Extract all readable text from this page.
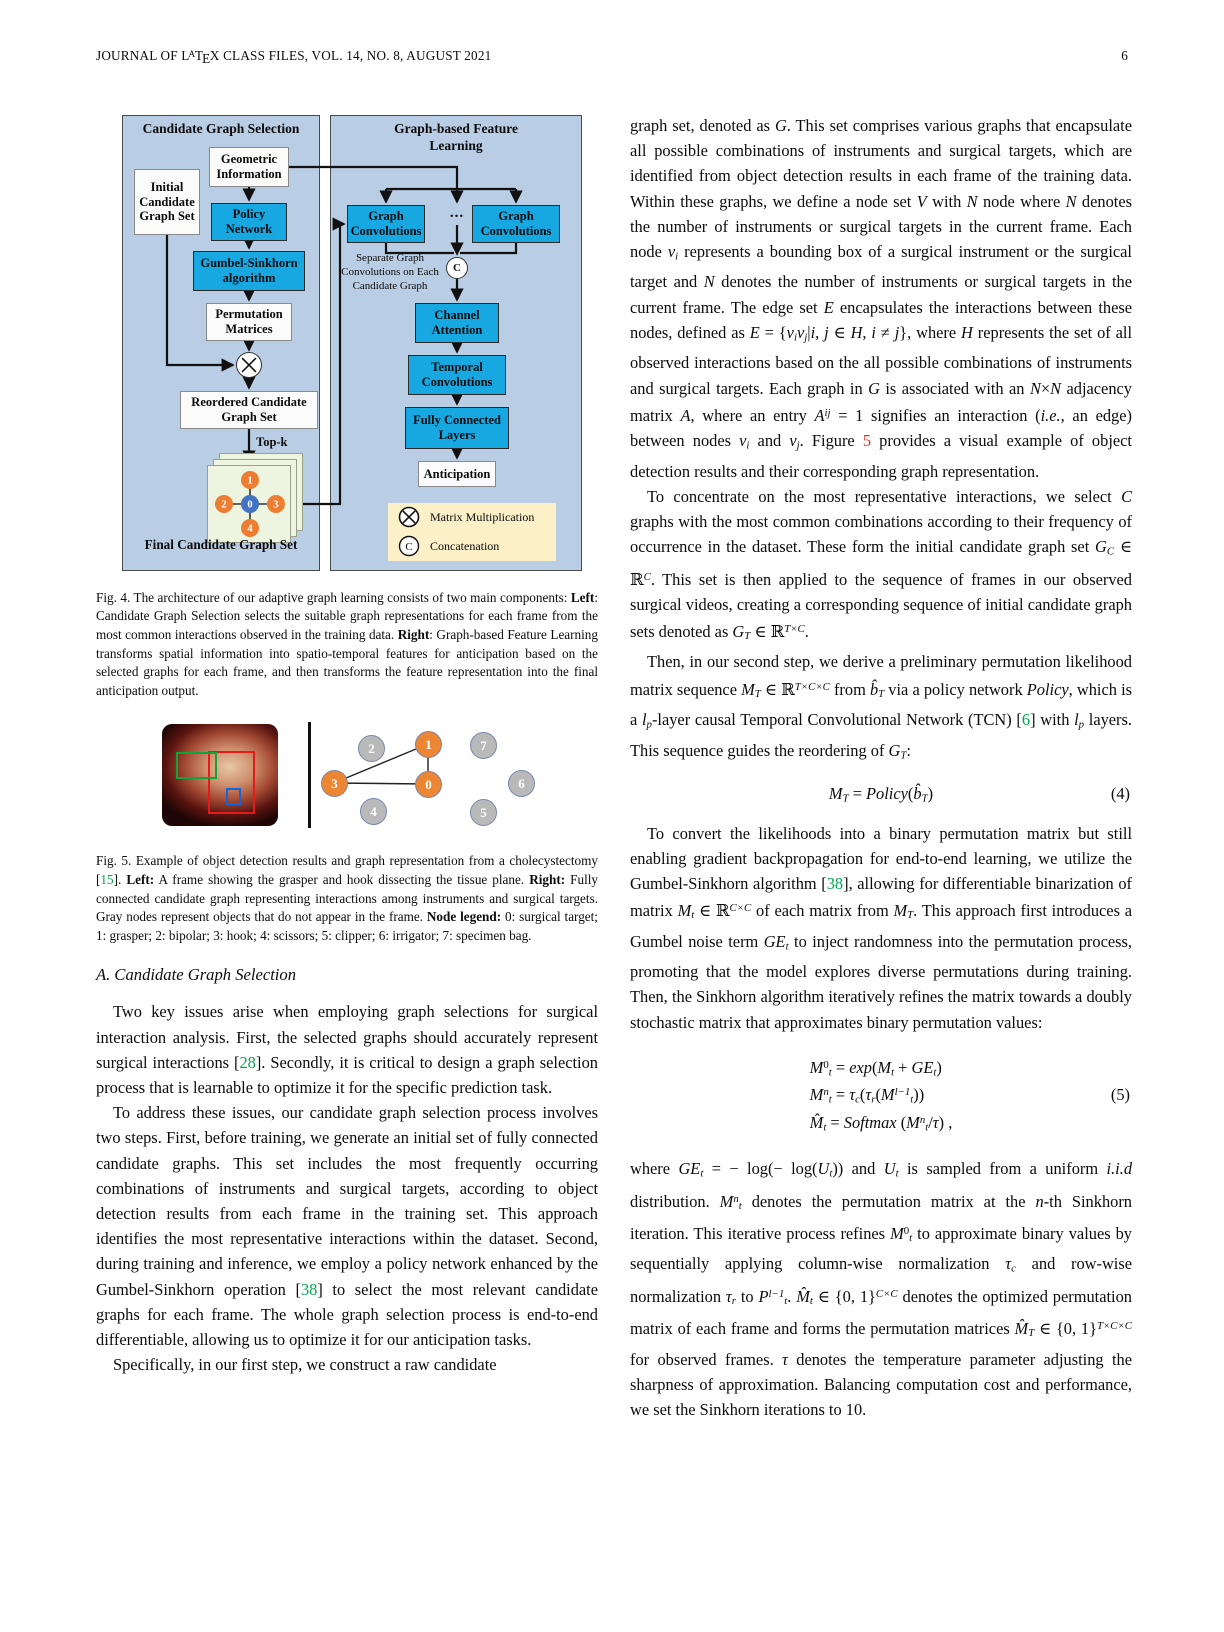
JOURNAL OF $L^ATEX$ CLASS FILES, VOL. 14, NO. 8, AUGUST 2021	6
Candidate Graph Selection
Geometric Information
Initial Candidate Graph Set	Policy Network
Gumbel-Sinkhorn algorithm
Permutation Matrices
Reordered Candidate Graph Set
Top-k
1
2	3
4
0
Final Candidate Graph Set
Graph-based Feature Learning
Graph Convolutions
...	Graph Convolutions
Separate Graph Convolutions on Each Candidate Graph
C
Channel Attention
Temporal Convolutions
Fully Connected Layers
Anticipation
Matrix Multiplication
C Concatenation

Fig. 4. The architecture of our adaptive graph learning consists of two main components: Left: Candidate Graph Selection selects the suitable graph representations for each frame from the most common interactions observed in the training data. Right: Graph-based Feature Learning transforms spatial information into spatio-temporal features for anticipation based on the selected graphs for each frame, and then transforms the feature representation into the final anticipation output.

2	1	7
3	0	6
4	5

Fig. 5. Example of object detection results and graph representation from a cholecystectomy [15]. Left: A frame showing the grasper and hook dissecting the tissue plane. Right: Fully connected candidate graph representing interactions among instruments and surgical targets. Gray nodes represent objects that do not appear in the frame. Node legend: 0: surgical target; 1: grasper; 2: bipolar; 3: hook; 4: scissors; 5: clipper; 6: irrigator; 7: specimen bag.

A. Candidate Graph Selection

Two key issues arise when employing graph selections for surgical interaction analysis. First, the selected graphs should accurately represent surgical interactions [28]. Secondly, it is critical to design a graph selection process that is learnable to optimize it for the specific prediction task.

To address these issues, our candidate graph selection process involves two steps. First, before training, we generate an initial set of fully connected candidate graphs. This set includes the most frequently occurring combinations of instruments and surgical targets, according to object detection results from each frame in the training set. This approach identifies the most representative interactions within the dataset. Second, during training and inference, we employ a policy network enhanced by the Gumbel-Sinkhorn operation [38] to select the most relevant candidate graphs for each frame. The whole graph selection process is end-to-end differentiable, allowing us to optimize it for our anticipation tasks.

Specifically, in our first step, we construct a raw candidate

graph set, denoted as G. This set comprises various graphs that encapsulate all possible combinations of instruments and surgical targets, which are identified from object detection results in each frame of the training data. Within these graphs, we define a node set V with N node where N denotes the number of instruments or surgical targets in the current frame. Each node $v_i$ represents a bounding box of a surgical instrument or the surgical target and N denotes the number of instruments or surgical targets in the current frame. The edge set E encapsulates the interactions between these nodes, defined as $E = \{v_iv_j|i$, j ∈ H, i ≠ j}, where H represents the set of all observed interactions based on the all possible combinations of instruments and surgical targets. Each graph in G is associated with an N×N adjacency matrix A, where an entry $A^{ij} = 1$ signifies an interaction (i.e., an edge) between nodes $v_i$ and $v_j$. Figure 5 provides a visual example of object detection results and their corresponding graph representation.

To concentrate on the most representative interactions, we select C graphs with the most common combinations according to their frequency of occurrence in the dataset. These form the initial candidate graph set $G_C$ ∈ ℝ$^C$. This set is then applied to the sequence of frames in our observed surgical videos, creating a corresponding sequence of initial candidate graph sets denoted as $G_T$ ∈ ℝ$^{T\times C}$.

Then, in our second step, we derive a preliminary permutation likelihood matrix sequence $M_T$ ∈ ℝ$^{T\times C\times C}$ from $b̂_T$ via a policy network Policy, which is a $l_p$-layer causal Temporal Convolutional Network (TCN) [6] with $l_p$ layers. This sequence guides the reordering of $G_T$:

$M_T$ = $Policy(b̂_T)$	(4)

To convert the likelihoods into a binary permutation matrix but still enabling gradient backpropagation for end-to-end learning, we utilize the Gumbel-Sinkhorn algorithm [38], allowing for differentiable binarization of matrix $M_t$ ∈ ℝ$^{C\times C}$ of each matrix from $M_T$. This approach first introduces a Gumbel noise term $GE_t$ to inject randomness into the permutation process, promoting that the model explores diverse permutations during training. Then, the Sinkhorn algorithm iteratively refines the matrix towards a doubly stochastic matrix that approximates binary permutation values:

$M^0_t = \exp(M_t + GE_t)$
$M^n_t = \tau_c(\tau_r(M^{l-1}_t))$
$M̂_t$ = Softmax $(M^n_t/\tau)$ ,
(5)

where $GE_t$ = − $\log(- \log(U_t))$ and $U_t$ is sampled from a uniform i.i.d distribution. $M^n_t$ denotes the permutation matrix at the n-th Sinkhorn iteration. This iterative process refines $M^0_t$ to approximate binary values by sequentially applying column-wise normalization $\tau_c$ and row-wise normalization $\tau_r$ to $P^{l-1}_t$. $M̂_t$ ∈ {0, 1}$^{C\times C}$ denotes the optimized permutation matrix of each frame and forms the permutation matrices $M̂_T$ ∈ {0, 1}$^{T\times C\times C}$ for observed frames. τ denotes the temperature parameter adjusting the sharpness of approximation. Balancing computation cost and performance, we set the Sinkhorn iterations to 10.
